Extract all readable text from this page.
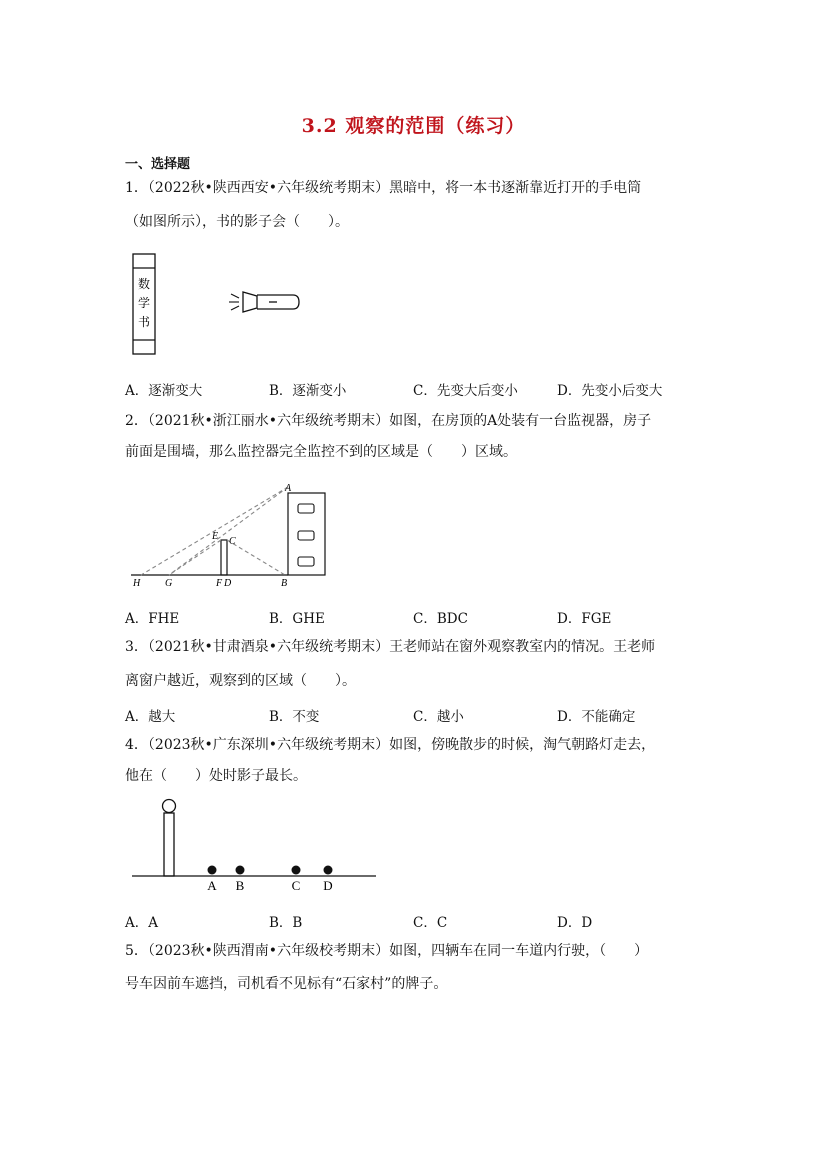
3.2 观察的范围（练习）
一、选择题
1．（2022秋•陕西西安•六年级统考期末）黑暗中，将一本书逐渐靠近打开的手电筒
（如图所示），书的影子会（　　）。
数
学
书
A．逐渐变大	B．逐渐变小	C．先变大后变小	D．先变小后变大
2．（2021秋•浙江丽水•六年级统考期末）如图，在房顶的A处装有一台监视器，房子
前面是围墙，那么监控器完全监控不到的区域是（　　）区域。
A
E C
H G	F D	B
A．FHE	B．GHE	C．BDC	D．FGE
3．（2021秋•甘肃酒泉•六年级统考期末）王老师站在窗外观察教室内的情况。王老师
离窗户越近，观察到的区域（　　）。
A．越大	B．不变	C．越小	D．不能确定
4．（2023秋•广东深圳•六年级统考期末）如图，傍晚散步的时候，淘气朝路灯走去，
他在（　　）处时影子最长。
A B	C D
A．A	B．B	C．C	D．D
5．（2023秋•陕西渭南•六年级校考期末）如图，四辆车在同一车道内行驶，（　　）
号车因前车遮挡，司机看不见标有“石家村”的牌子。
